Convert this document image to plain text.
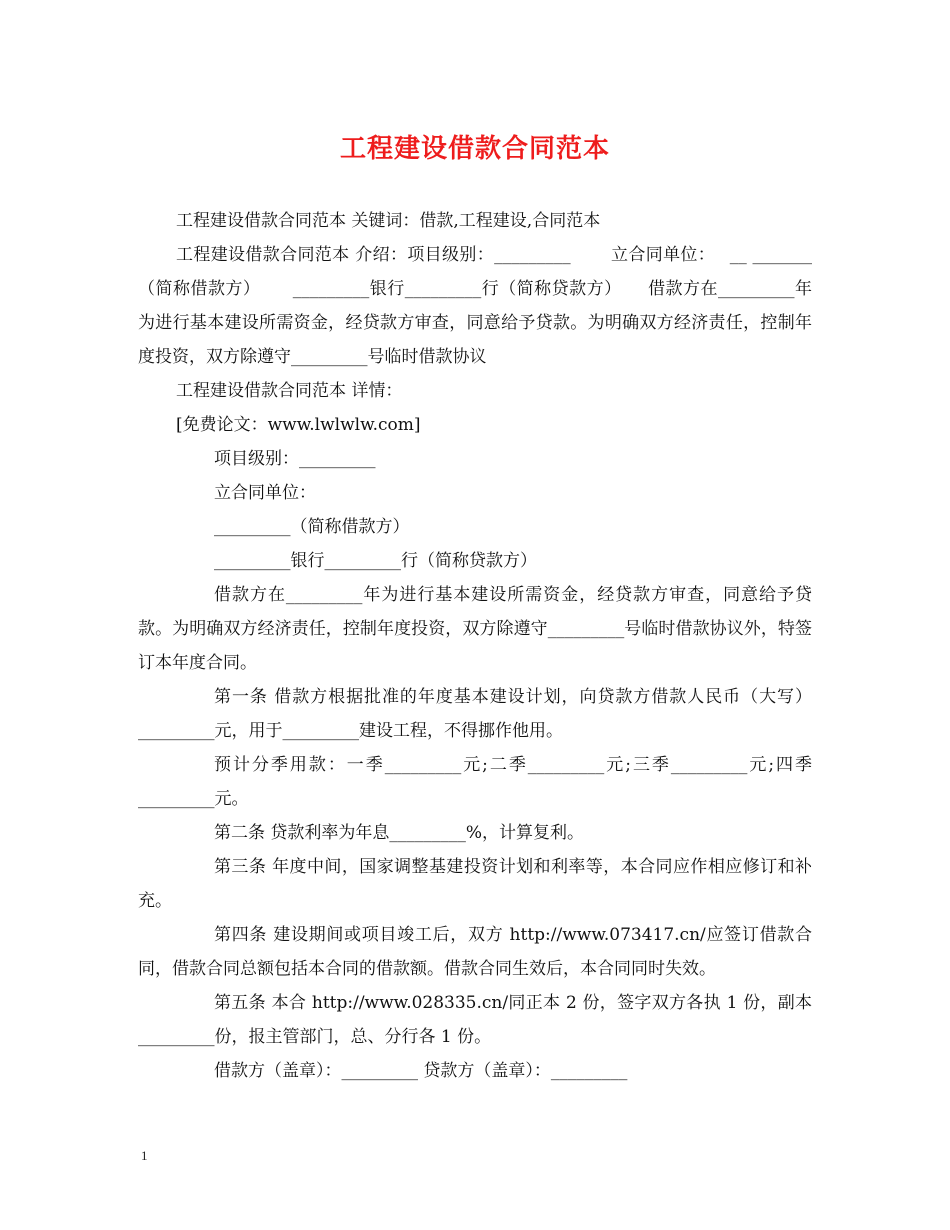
工程建设借款合同范本

工程建设借款合同范本 关键词：借款,工程建设,合同范本

工程建设借款合同范本 介绍：项目级别：_________ 　　立合同单位：　 __ _______（简称借款方）　　 _________银行_________行（简称贷款方）　　借款方在_________年为进行基本建设所需资金，经贷款方审查，同意给予贷款。为明确双方经济责任，控制年度投资，双方除遵守_________号临时借款协议

工程建设借款合同范本 详情：

[免费论文：www.lwlwlw.com]

项目级别：_________

立合同单位：

_________（简称借款方）

_________银行_________行（简称贷款方）

借款方在_________年为进行基本建设所需资金，经贷款方审查，同意给予贷款。为明确双方经济责任，控制年度投资，双方除遵守_________号临时借款协议外，特签订本年度合同。

第一条 借款方根据批准的年度基本建设计划，向贷款方借款人民币（大写）_________元，用于_________建设工程，不得挪作他用。

预计分季用款：一季_________元;二季_________元;三季_________元;四季_________元。

第二条 贷款利率为年息_________%，计算复利。

第三条 年度中间，国家调整基建投资计划和利率等，本合同应作相应修订和补充。

第四条 建设期间或项目竣工后，双方 http://www.073417.cn/应签订借款合同，借款合同总额包括本合同的借款额。借款合同生效后，本合同同时失效。

第五条 本合 http://www.028335.cn/同正本 2 份，签字双方各执 1 份，副本_________份，报主管部门，总、分行各 1 份。

借款方（盖章）：_________ 贷款方（盖章）：_________

1
